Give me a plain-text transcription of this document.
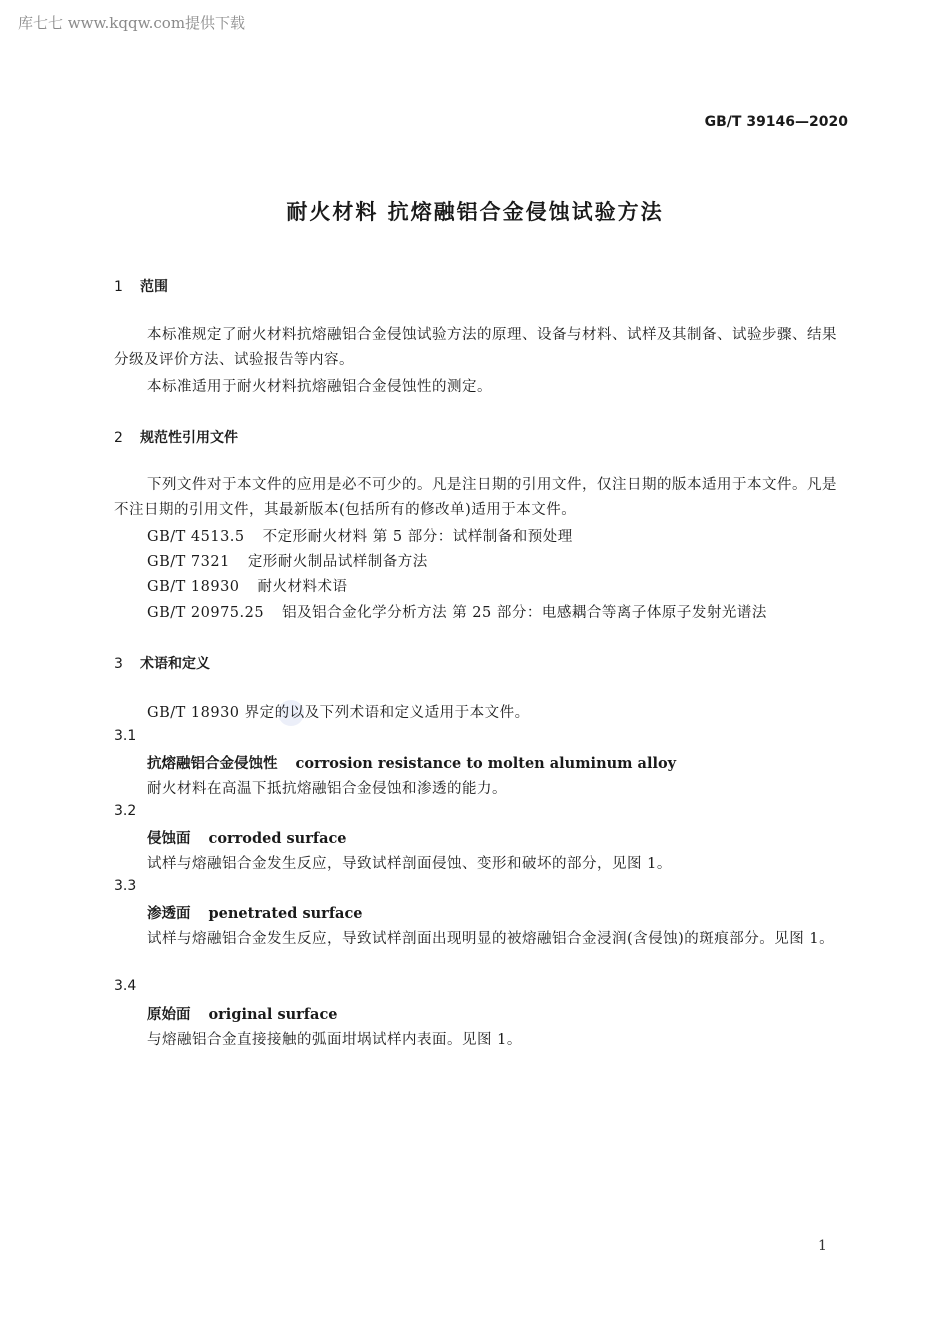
库七七 www.kqqw.com提供下载
GB/T 39146—2020
耐火材料 抗熔融铝合金侵蚀试验方法
1 范围
本标准规定了耐火材料抗熔融铝合金侵蚀试验方法的原理、设备与材料、试样及其制备、试验步骤、结果分级及评价方法、试验报告等内容。
本标准适用于耐火材料抗熔融铝合金侵蚀性的测定。
2 规范性引用文件
下列文件对于本文件的应用是必不可少的。凡是注日期的引用文件，仅注日期的版本适用于本文件。凡是不注日期的引用文件，其最新版本(包括所有的修改单)适用于本文件。
GB/T 4513.5 不定形耐火材料 第 5 部分：试样制备和预处理
GB/T 7321 定形耐火制品试样制备方法
GB/T 18930 耐火材料术语
GB/T 20975.25 铝及铝合金化学分析方法 第 25 部分：电感耦合等离子体原子发射光谱法
3 术语和定义
GB/T 18930 界定的以及下列术语和定义适用于本文件。
3.1
抗熔融铝合金侵蚀性 corrosion resistance to molten aluminum alloy
耐火材料在高温下抵抗熔融铝合金侵蚀和渗透的能力。
3.2
侵蚀面 corroded surface
试样与熔融铝合金发生反应，导致试样剖面侵蚀、变形和破坏的部分，见图 1。
3.3
渗透面 penetrated surface
试样与熔融铝合金发生反应，导致试样剖面出现明显的被熔融铝合金浸润(含侵蚀)的斑痕部分。见图 1。
3.4
原始面 original surface
与熔融铝合金直接接触的弧面坩埚试样内表面。见图 1。
1
